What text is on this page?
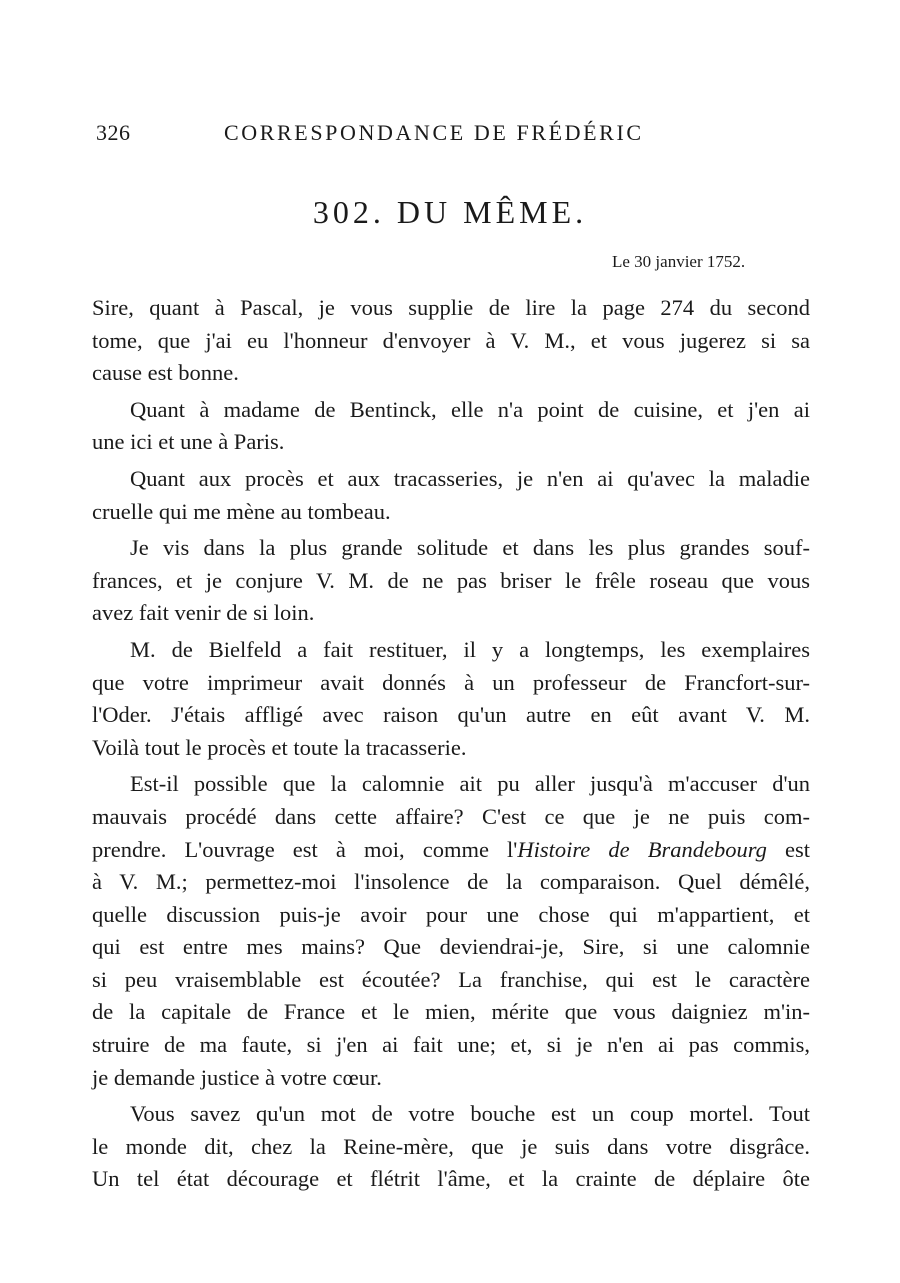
326	CORRESPONDANCE DE FRÉDÉRIC
302. DU MÊME.
Le 30 janvier 1752.
Sire, quant à Pascal, je vous supplie de lire la page 274 du second
tome, que j'ai eu l'honneur d'envoyer à V. M., et vous jugerez si sa
cause est bonne.
Quant à madame de Bentinck, elle n'a point de cuisine, et j'en ai
une ici et une à Paris.
Quant aux procès et aux tracasseries, je n'en ai qu'avec la maladie
cruelle qui me mène au tombeau.
Je vis dans la plus grande solitude et dans les plus grandes souf-
frances, et je conjure V. M. de ne pas briser le frêle roseau que vous
avez fait venir de si loin.
M. de Bielfeld a fait restituer, il y a longtemps, les exemplaires
que votre imprimeur avait donnés à un professeur de Francfort-sur-
l'Oder. J'étais affligé avec raison qu'un autre en eût avant V. M.
Voilà tout le procès et toute la tracasserie.
Est-il possible que la calomnie ait pu aller jusqu'à m'accuser d'un
mauvais procédé dans cette affaire? C'est ce que je ne puis com-
prendre. L'ouvrage est à moi, comme l'Histoire de Brandebourg est
à V. M.; permettez-moi l'insolence de la comparaison. Quel démêlé,
quelle discussion puis-je avoir pour une chose qui m'appartient, et
qui est entre mes mains? Que deviendrai-je, Sire, si une calomnie
si peu vraisemblable est écoutée? La franchise, qui est le caractère
de la capitale de France et le mien, mérite que vous daigniez m'in-
struire de ma faute, si j'en ai fait une; et, si je n'en ai pas commis,
je demande justice à votre cœur.
Vous savez qu'un mot de votre bouche est un coup mortel. Tout
le monde dit, chez la Reine-mère, que je suis dans votre disgrâce.
Un tel état décourage et flétrit l'âme, et la crainte de déplaire ôte
